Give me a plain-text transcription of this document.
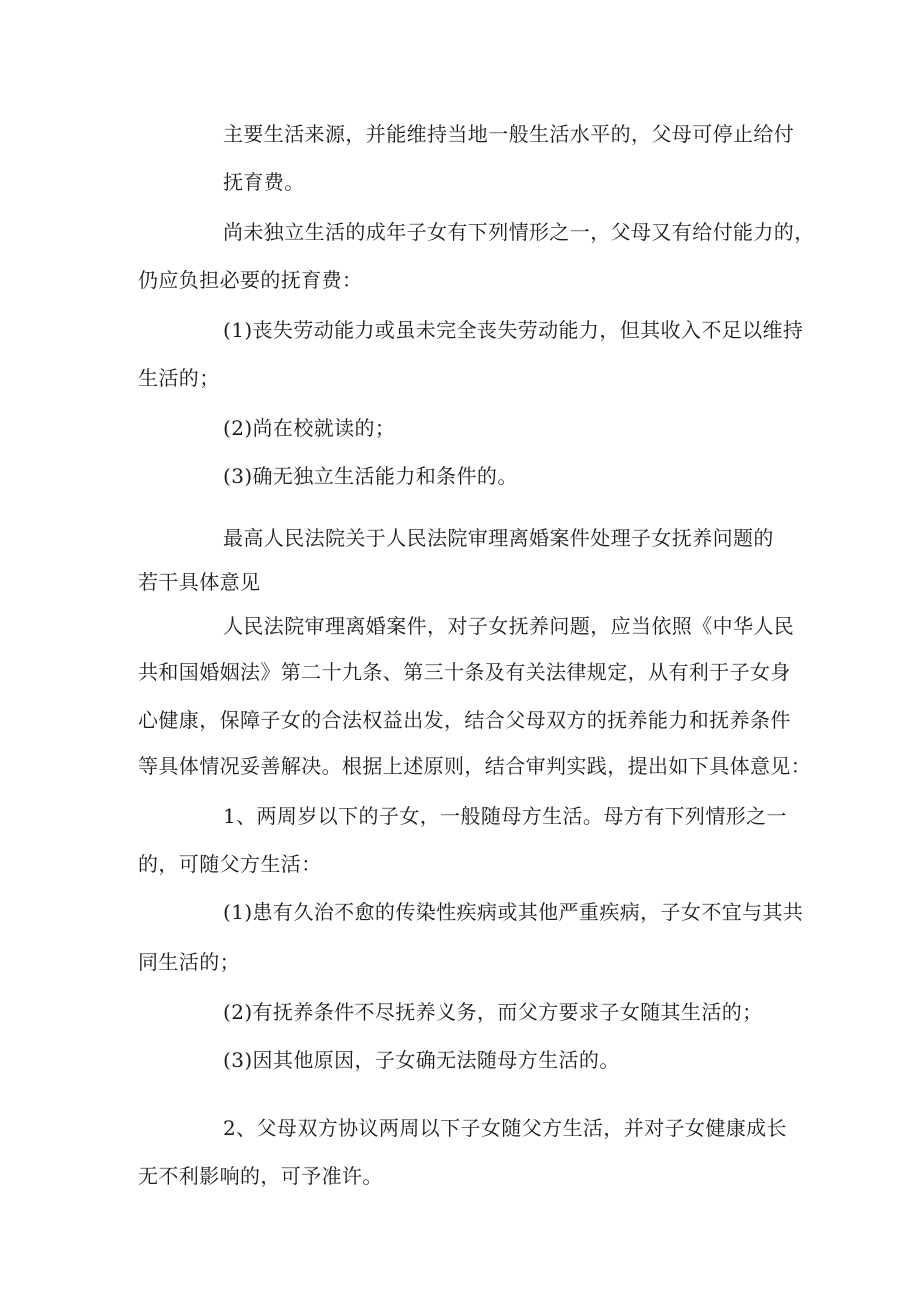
主要生活来源，并能维持当地一般生活水平的，父母可停止给付
抚育费。
尚未独立生活的成年子女有下列情形之一，父母又有给付能力的，
仍应负担必要的抚育费：
(1)丧失劳动能力或虽未完全丧失劳动能力，但其收入不足以维持
生活的；
(2)尚在校就读的；
(3)确无独立生活能力和条件的。
最高人民法院关于人民法院审理离婚案件处理子女抚养问题的
若干具体意见
人民法院审理离婚案件，对子女抚养问题，应当依照《中华人民
共和国婚姻法》第二十九条、第三十条及有关法律规定，从有利于子女身
心健康，保障子女的合法权益出发，结合父母双方的抚养能力和抚养条件
等具体情况妥善解决。根据上述原则，结合审判实践，提出如下具体意见：
1、两周岁以下的子女，一般随母方生活。母方有下列情形之一
的，可随父方生活：
(1)患有久治不愈的传染性疾病或其他严重疾病，子女不宜与其共
同生活的；
(2)有抚养条件不尽抚养义务，而父方要求子女随其生活的；
(3)因其他原因，子女确无法随母方生活的。
2、父母双方协议两周以下子女随父方生活，并对子女健康成长
无不利影响的，可予准许。
